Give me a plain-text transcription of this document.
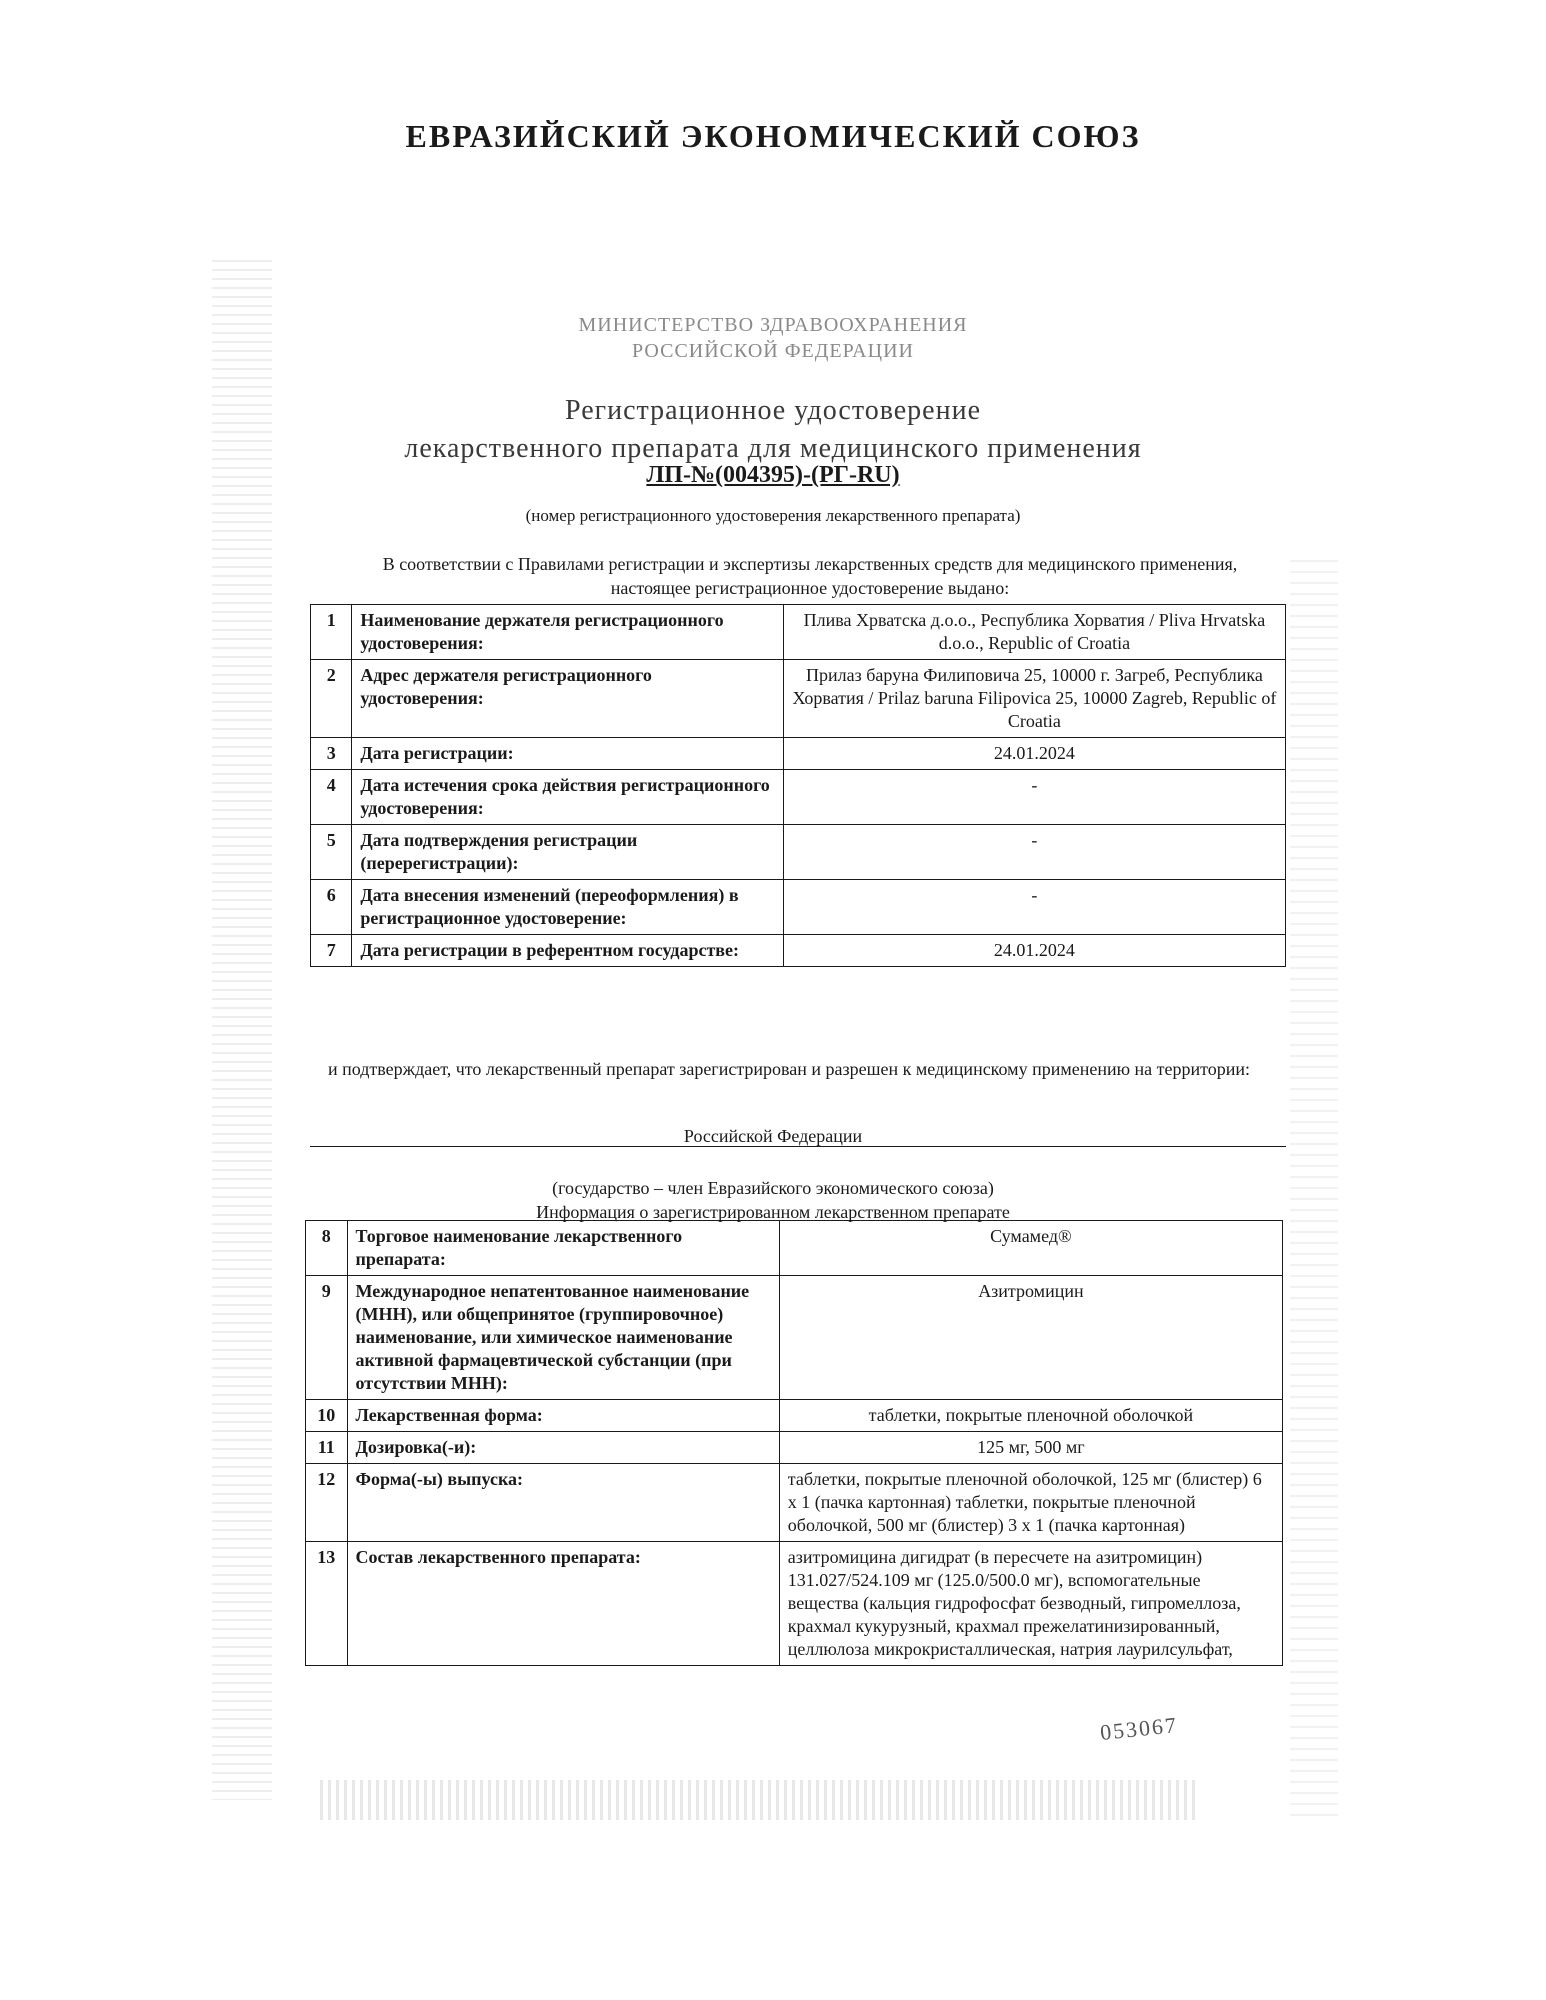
ЕВРАЗИЙСКИЙ ЭКОНОМИЧЕСКИЙ СОЮЗ
МИНИСТЕРСТВО ЗДРАВООХРАНЕНИЯ
РОССИЙСКОЙ ФЕДЕРАЦИИ
Регистрационное удостоверение
лекарственного препарата для медицинского применения
ЛП-№(004395)-(РГ-RU)
(номер регистрационного удостоверения лекарственного препарата)
В соответствии с Правилами регистрации и экспертизы лекарственных средств для медицинского применения, настоящее регистрационное удостоверение выдано:
1	Наименование держателя регистрационного удостоверения:	Плива Хрватска д.о.о., Республика Хорватия / Pliva Hrvatska d.o.o., Republic of Croatia
2	Адрес держателя регистрационного удостоверения:	Прилаз баруна Филиповича 25, 10000 г. Загреб, Республика Хорватия / Prilaz baruna Filipovica 25, 10000 Zagreb, Republic of Croatia
3	Дата регистрации:	24.01.2024
4	Дата истечения срока действия регистрационного удостоверения:	-
5	Дата подтверждения регистрации (перерегистрации):	-
6	Дата внесения изменений (переоформления) в регистрационное удостоверение:	-
7	Дата регистрации в референтном государстве:	24.01.2024
и подтверждает, что лекарственный препарат зарегистрирован и разрешен к медицинскому применению на территории:
Российской Федерации
(государство – член Евразийского экономического союза)
Информация о зарегистрированном лекарственном препарате
8	Торговое наименование лекарственного препарата:	Сумамед®
9	Международное непатентованное наименование (МНН), или общепринятое (группировочное) наименование, или химическое наименование активной фармацевтической субстанции (при отсутствии МНН):	Азитромицин
10	Лекарственная форма:	таблетки, покрытые пленочной оболочкой
11	Дозировка(-и):	125 мг, 500 мг
12	Форма(-ы) выпуска:	таблетки, покрытые пленочной оболочкой, 125 мг (блистер) 6 x 1 (пачка картонная) таблетки, покрытые пленочной оболочкой, 500 мг (блистер) 3 x 1 (пачка картонная)
13	Состав лекарственного препарата:	азитромицина дигидрат (в пересчете на азитромицин) 131.027/524.109 мг (125.0/500.0 мг), вспомогательные вещества (кальция гидрофосфат безводный, гипромеллоза, крахмал кукурузный, крахмал прежелатинизированный, целлюлоза микрокристаллическая, натрия лаурилсульфат,
053067
